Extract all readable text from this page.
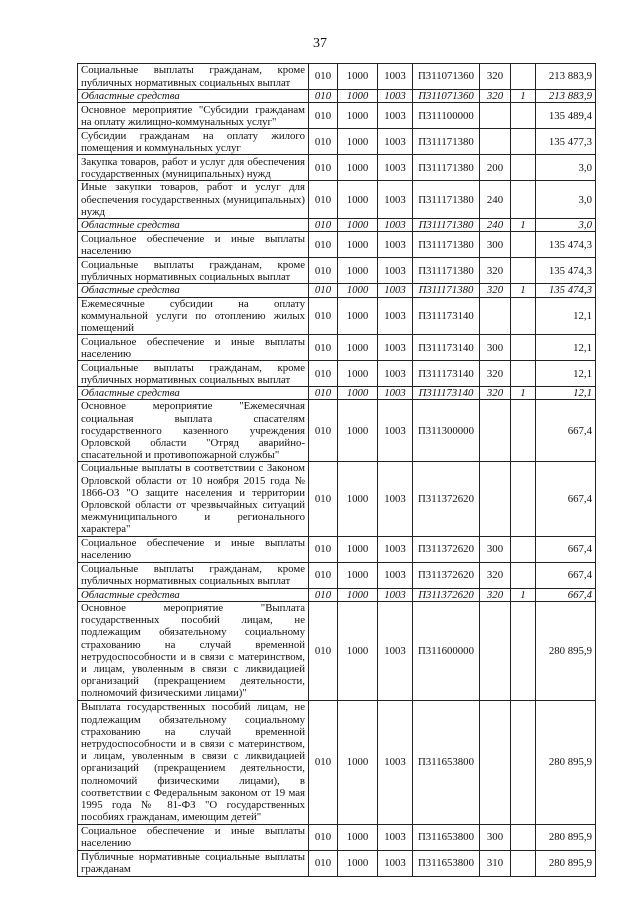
37
Социальные выплаты гражданам, кроме публичных нормативных социальных выплат	010	1000	1003	П311071360	320		213 883,9
Областные средства	010	1000	1003	П311071360	320	1	213 883,9
Основное мероприятие "Субсидии гражданам на оплату жилищно-коммунальных услуг"	010	1000	1003	П311100000			135 489,4
Субсидии гражданам на оплату жилого помещения и коммунальных услуг	010	1000	1003	П311171380			135 477,3
Закупка товаров, работ и услуг для обеспечения государственных (муниципальных) нужд	010	1000	1003	П311171380	200		3,0
Иные закупки товаров, работ и услуг для обеспечения государственных (муниципальных) нужд	010	1000	1003	П311171380	240		3,0
Областные средства	010	1000	1003	П311171380	240	1	3,0
Социальное обеспечение и иные выплаты населению	010	1000	1003	П311171380	300		135 474,3
Социальные выплаты гражданам, кроме публичных нормативных социальных выплат	010	1000	1003	П311171380	320		135 474,3
Областные средства	010	1000	1003	П311171380	320	1	135 474,3
Ежемесячные субсидии на оплату коммунальной услуги по отоплению жилых помещений	010	1000	1003	П311173140			12,1
Социальное обеспечение и иные выплаты населению	010	1000	1003	П311173140	300		12,1
Социальные выплаты гражданам, кроме публичных нормативных социальных выплат	010	1000	1003	П311173140	320		12,1
Областные средства	010	1000	1003	П311173140	320	1	12,1
Основное мероприятие "Ежемесячная социальная выплата спасателям государственного казенного учреждения Орловской области "Отряд аварийно-спасательной и противопожарной службы"	010	1000	1003	П311300000			667,4
Социальные выплаты в соответствии с Законом Орловской области от 10 ноября 2015 года № 1866-ОЗ "О защите населения и территории Орловской области от чрезвычайных ситуаций межмуниципального и регионального характера"	010	1000	1003	П311372620			667,4
Социальное обеспечение и иные выплаты населению	010	1000	1003	П311372620	300		667,4
Социальные выплаты гражданам, кроме публичных нормативных социальных выплат	010	1000	1003	П311372620	320		667,4
Областные средства	010	1000	1003	П311372620	320	1	667,4
Основное мероприятие "Выплата государственных пособий лицам, не подлежащим обязательному социальному страхованию на случай временной нетрудоспособности и в связи с материнством, и лицам, уволенным в связи с ликвидацией организаций (прекращением деятельности, полномочий физическими лицами)"	010	1000	1003	П311600000			280 895,9
Выплата государственных пособий лицам, не подлежащим обязательному социальному страхованию на случай временной нетрудоспособности и в связи с материнством, и лицам, уволенным в связи с ликвидацией организаций (прекращением деятельности, полномочий физическими лицами), в соответствии с Федеральным законом от 19 мая 1995 года № 81-ФЗ "О государственных пособиях гражданам, имеющим детей"	010	1000	1003	П311653800			280 895,9
Социальное обеспечение и иные выплаты населению	010	1000	1003	П311653800	300		280 895,9
Публичные нормативные социальные выплаты гражданам	010	1000	1003	П311653800	310		280 895,9
